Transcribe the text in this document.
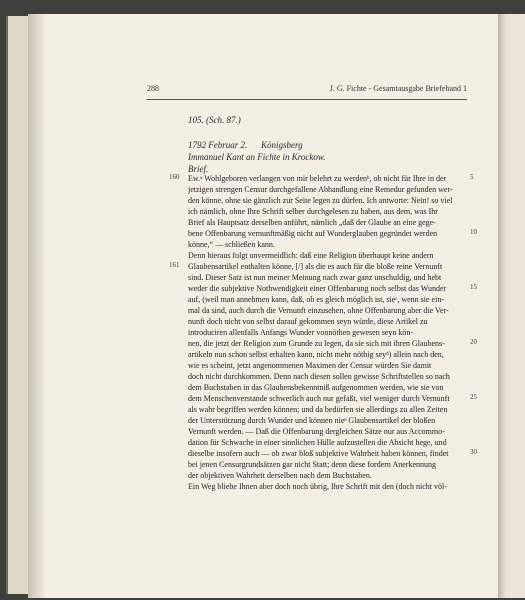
288	J. G. Fichte - Gesamtausgabe Briefeband 1
105. (Sch. 87.)
1792 Februar 2. Königsberg
Immanuel Kant an Fichte in Krockow.
Brief.
Ew.ᵃ Wohlgeboren verlangen von mir belehrt zu werdenᵇ, ob nicht für Ihre in der
jetzigen strengen Censur durchgefallene Abhandlung eine Remedur gefunden wer-
den könne, ohne sie gänzlich zur Seite legen zu dürfen. Ich antworte: Nein! so viel
ich nämlich, ohne Ihre Schrift selber durchgelesen zu haben, aus dem, was Ihr
Brief als Hauptsatz derselben anführt, nämlich „daß der Glaube an eine gege-
bene Offenbarung vernunftmäßig nicht auf Wunderglauben gegründet werden
könne,“ — schließen kann.
Denn hieraus folgt unvermeidlich: daß eine Religion überhaupt keine andern
Glaubensartikel enthalten könne, [/] als die es auch für die bloße reine Vernunft
sind. Dieser Satz ist nun meiner Meinung nach zwar ganz unschuldig, und hebt
weder die subjektive Nothwendigkeit einer Offenbarung noch selbst das Wunder
auf, (weil man annehmen kann, daß, ob es gleich möglich ist, sieᶜ, wenn sie ein-
mal da sind, auch durch die Vernunft einzusehen, ohne Offenbarung aber die Ver-
nunft doch nicht von selbst darauf gekommen seyn würde, diese Artikel zu
introduciren allenfalls Anfangs Wunder vonnöthen gewesen seyn kön-
nen, die jetzt der Religion zum Grunde zu legen, da sie sich mit ihren Glaubens-
artikeln nun schon selbst erhalten kann, nicht mehr nöthig seyᵈ) allein nach den,
wie es scheint, jetzt angenommenen Maximen der Censur würden Sie damit
doch nicht durchkommen. Denn nach diesen sollen gewisse Schriftstellen so nach
dem Buchstaben in das Glaubensbekenntniß aufgenommen werden, wie sie von
dem Menschenverstande schwerlich auch nur gefaßt, viel weniger durch Vernunft
als wahr begriffen werden können; und da bedürfen sie allerdings zu allen Zeiten
der Unterstützung durch Wunder und können nieᵉ Glaubensartikel der bloßen
Vernunft werden. — Daß die Offenbarung dergleichen Sätze nur aus Accommo-
dation für Schwache in einer sinnlichen Hülle aufzustellen die Absicht hege, und
dieselbe insofern auch — ob zwar bloß subjektive Wahrheit haben können, findet
bei jenen Censurgrundsätzen gar nicht Statt; denn diese fordern Anerkennung
der objektiven Wahrheit derselben nach dem Buchstaben.
Ein Weg bliebe Ihnen aber doch noch übrig, Ihre Schrift mit den (doch nicht völ-
160
161
5
10
15
20
25
30
